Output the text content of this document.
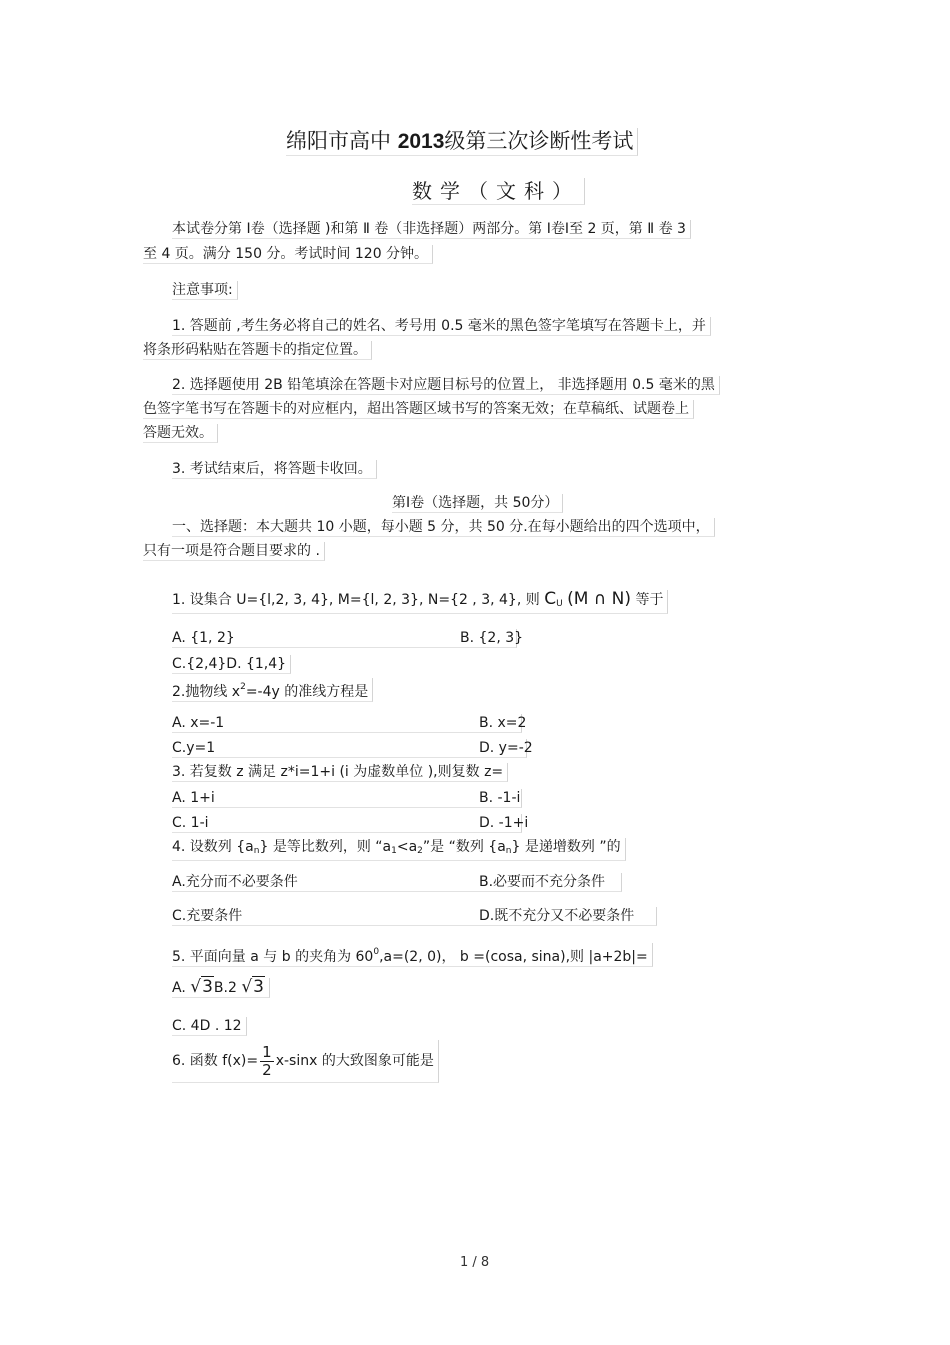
绵阳市高中 2013级第三次诊断性考试
数学（文科）
本试卷分第 Ⅰ卷（选择题 )和第 Ⅱ 卷（非选择题）两部分。第 Ⅰ卷Ⅰ至 2 页，第 Ⅱ 卷 3
至 4 页。满分 150 分。考试时间 120 分钟。
注意事项:
1. 答题前 ,考生务必将自己的姓名、考号用 0.5 毫米的黑色签字笔填写在答题卡上，并
将条形码粘贴在答题卡的指定位置。
2. 选择题使用 2B 铅笔填涂在答题卡对应题目标号的位置上， 非选择题用 0.5 毫米的黑
色签字笔书写在答题卡的对应框内，超出答题区域书写的答案无效；在草稿纸、试题卷上
答题无效。
3. 考试结束后，将答题卡收回。
第Ⅰ卷（选择题，共 50分）
一、选择题：本大题共 10 小题，每小题 5 分，共 50 分.在每小题给出的四个选项中，
只有一项是符合题目要求的 .
1. 设集合 U={l,2, 3, 4}, M={l, 2, 3}, N={2 , 3, 4}, 则 $C_U$ (M ∩ N) 等于
A. {1, 2}	B. {2, 3}
C.{2,4}D. {1,4}
2.抛物线 $x^2=-4y$ 的准线方程是
A. x=-1	B. x=2
C.y=1	D. y=-2
3. 若复数 z 满足 z*i=1+i (i 为虚数单位 ),则复数 z=
A. 1+i	B. -1-i
C. 1-i	D. -1+i
4. 设数列 $\{a_n\}$ 是等比数列，则 “$a_1<a_2$”是 “数列 $\{a_n\}$ 是递增数列 ”的
A.充分而不必要条件	B.必要而不充分条件
C.充要条件	D.既不充分又不必要条件
5. 平面向量 a 与 b 的夹角为 $60^0,a=(2$, 0)， b =(cosa, sina),则 |a+2b|=
A. √3B.2 √3
C. 4D . 12
6. 函数 $f(x)= \frac{1}{2} x-\sin x$ 的大致图象可能是
1 / 8
